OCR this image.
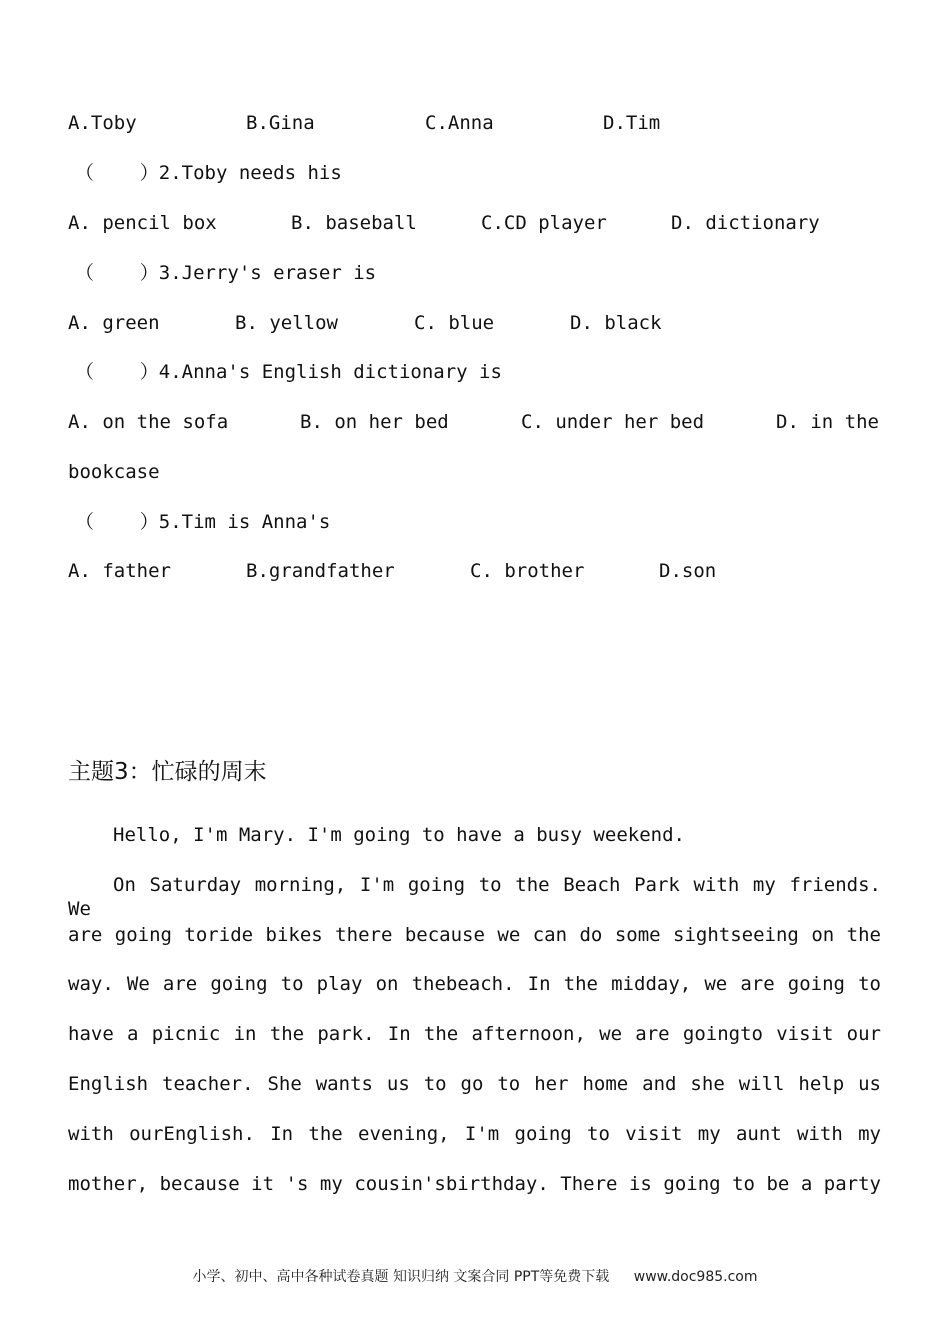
A.Toby	B.Gina	C.Anna	D.Tim
（    ）2.Toby needs his
A. pencil box	B. baseball	C.CD player	D. dictionary
（    ）3.Jerry's eraser is
A. green	B. yellow	C. blue	D. black
（    ）4.Anna's English dictionary is
A. on the sofa	B. on her bed	C. under her bed	D. in the
bookcase
（    ）5.Tim is Anna's
A. father	B.grandfather	C. brother	D.son
主题3：忙碌的周末
Hello, I'm Mary. I'm going to have a busy weekend.
On Saturday morning, I'm going to the Beach Park with my friends. We
are going toride bikes there because we can do some sightseeing on the
way. We are going to play on thebeach. In the midday, we are going to
have a picnic in the park. In the afternoon, we are goingto visit our
English teacher. She wants us to go to her home and she will help us
with ourEnglish. In the evening, I'm going to visit my aunt with my
mother, because it 's my cousin'sbirthday. There is going to be a party
小学、初中、高中各种试卷真题 知识归纳 文案合同 PPT等免费下载 www.doc985.com
